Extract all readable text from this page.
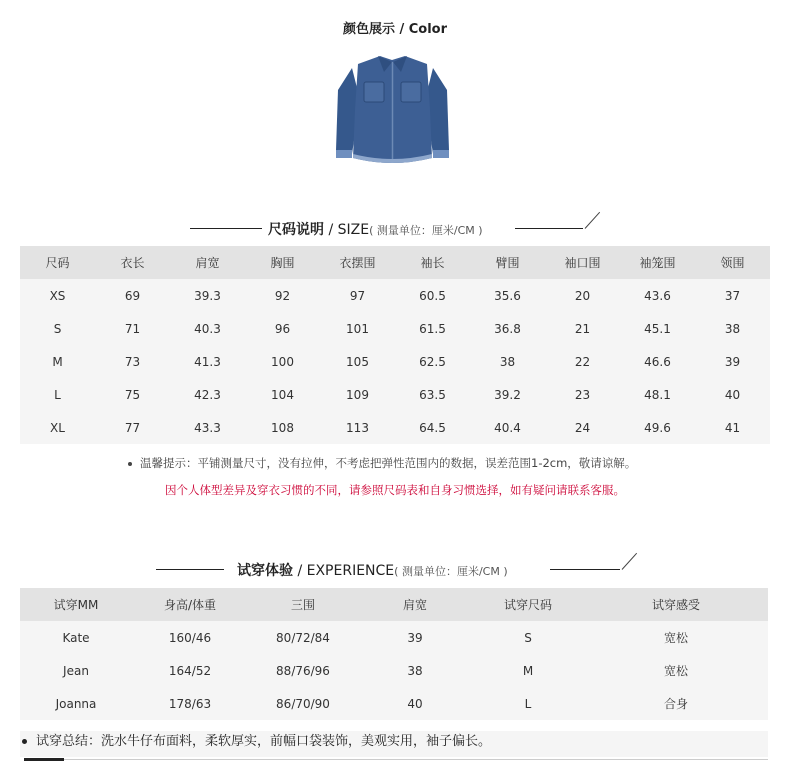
颜色展示 / Color
尺码说明 / SIZE( 测量单位：厘米/CM )
尺码	衣长	肩宽	胸围	衣摆围	袖长	臂围	袖口围	袖笼围	领围
XS	69	39.3	92	97	60.5	35.6	20	43.6	37
S	71	40.3	96	101	61.5	36.8	21	45.1	38
M	73	41.3	100	105	62.5	38	22	46.6	39
L	75	42.3	104	109	63.5	39.2	23	48.1	40
XL	77	43.3	108	113	64.5	40.4	24	49.6	41
温馨提示：平铺测量尺寸，没有拉伸，不考虑把弹性范围内的数据，误差范围1-2cm，敬请谅解。
因个人体型差异及穿衣习惯的不同，请参照尺码表和自身习惯选择，如有疑问请联系客服。
试穿体验 / EXPERIENCE( 测量单位：厘米/CM )
试穿MM	身高/体重	三围	肩宽	试穿尺码	试穿感受
Kate	160/46	80/72/84	39	S	宽松
Jean	164/52	88/76/96	38	M	宽松
Joanna	178/63	86/70/90	40	L	合身
试穿总结：洗水牛仔布面料，柔软厚实，前幅口袋装饰，美观实用，袖子偏长。
